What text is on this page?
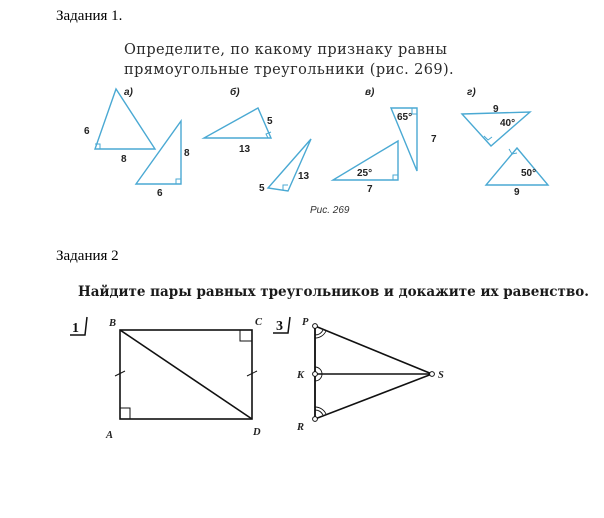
Задания 1.
Определите, по какому признаку равны прямоугольные треугольники (рис. 269).
а)	б)	в)	г)
6
8
8
6
5
13
5
13
65°
7
25°
7
9
40°
50°
9
Рис. 269
Задания 2
Найдите пары равных треугольников и докажите их равенство.
1	B	C
A	D
3 P
K
R
S
